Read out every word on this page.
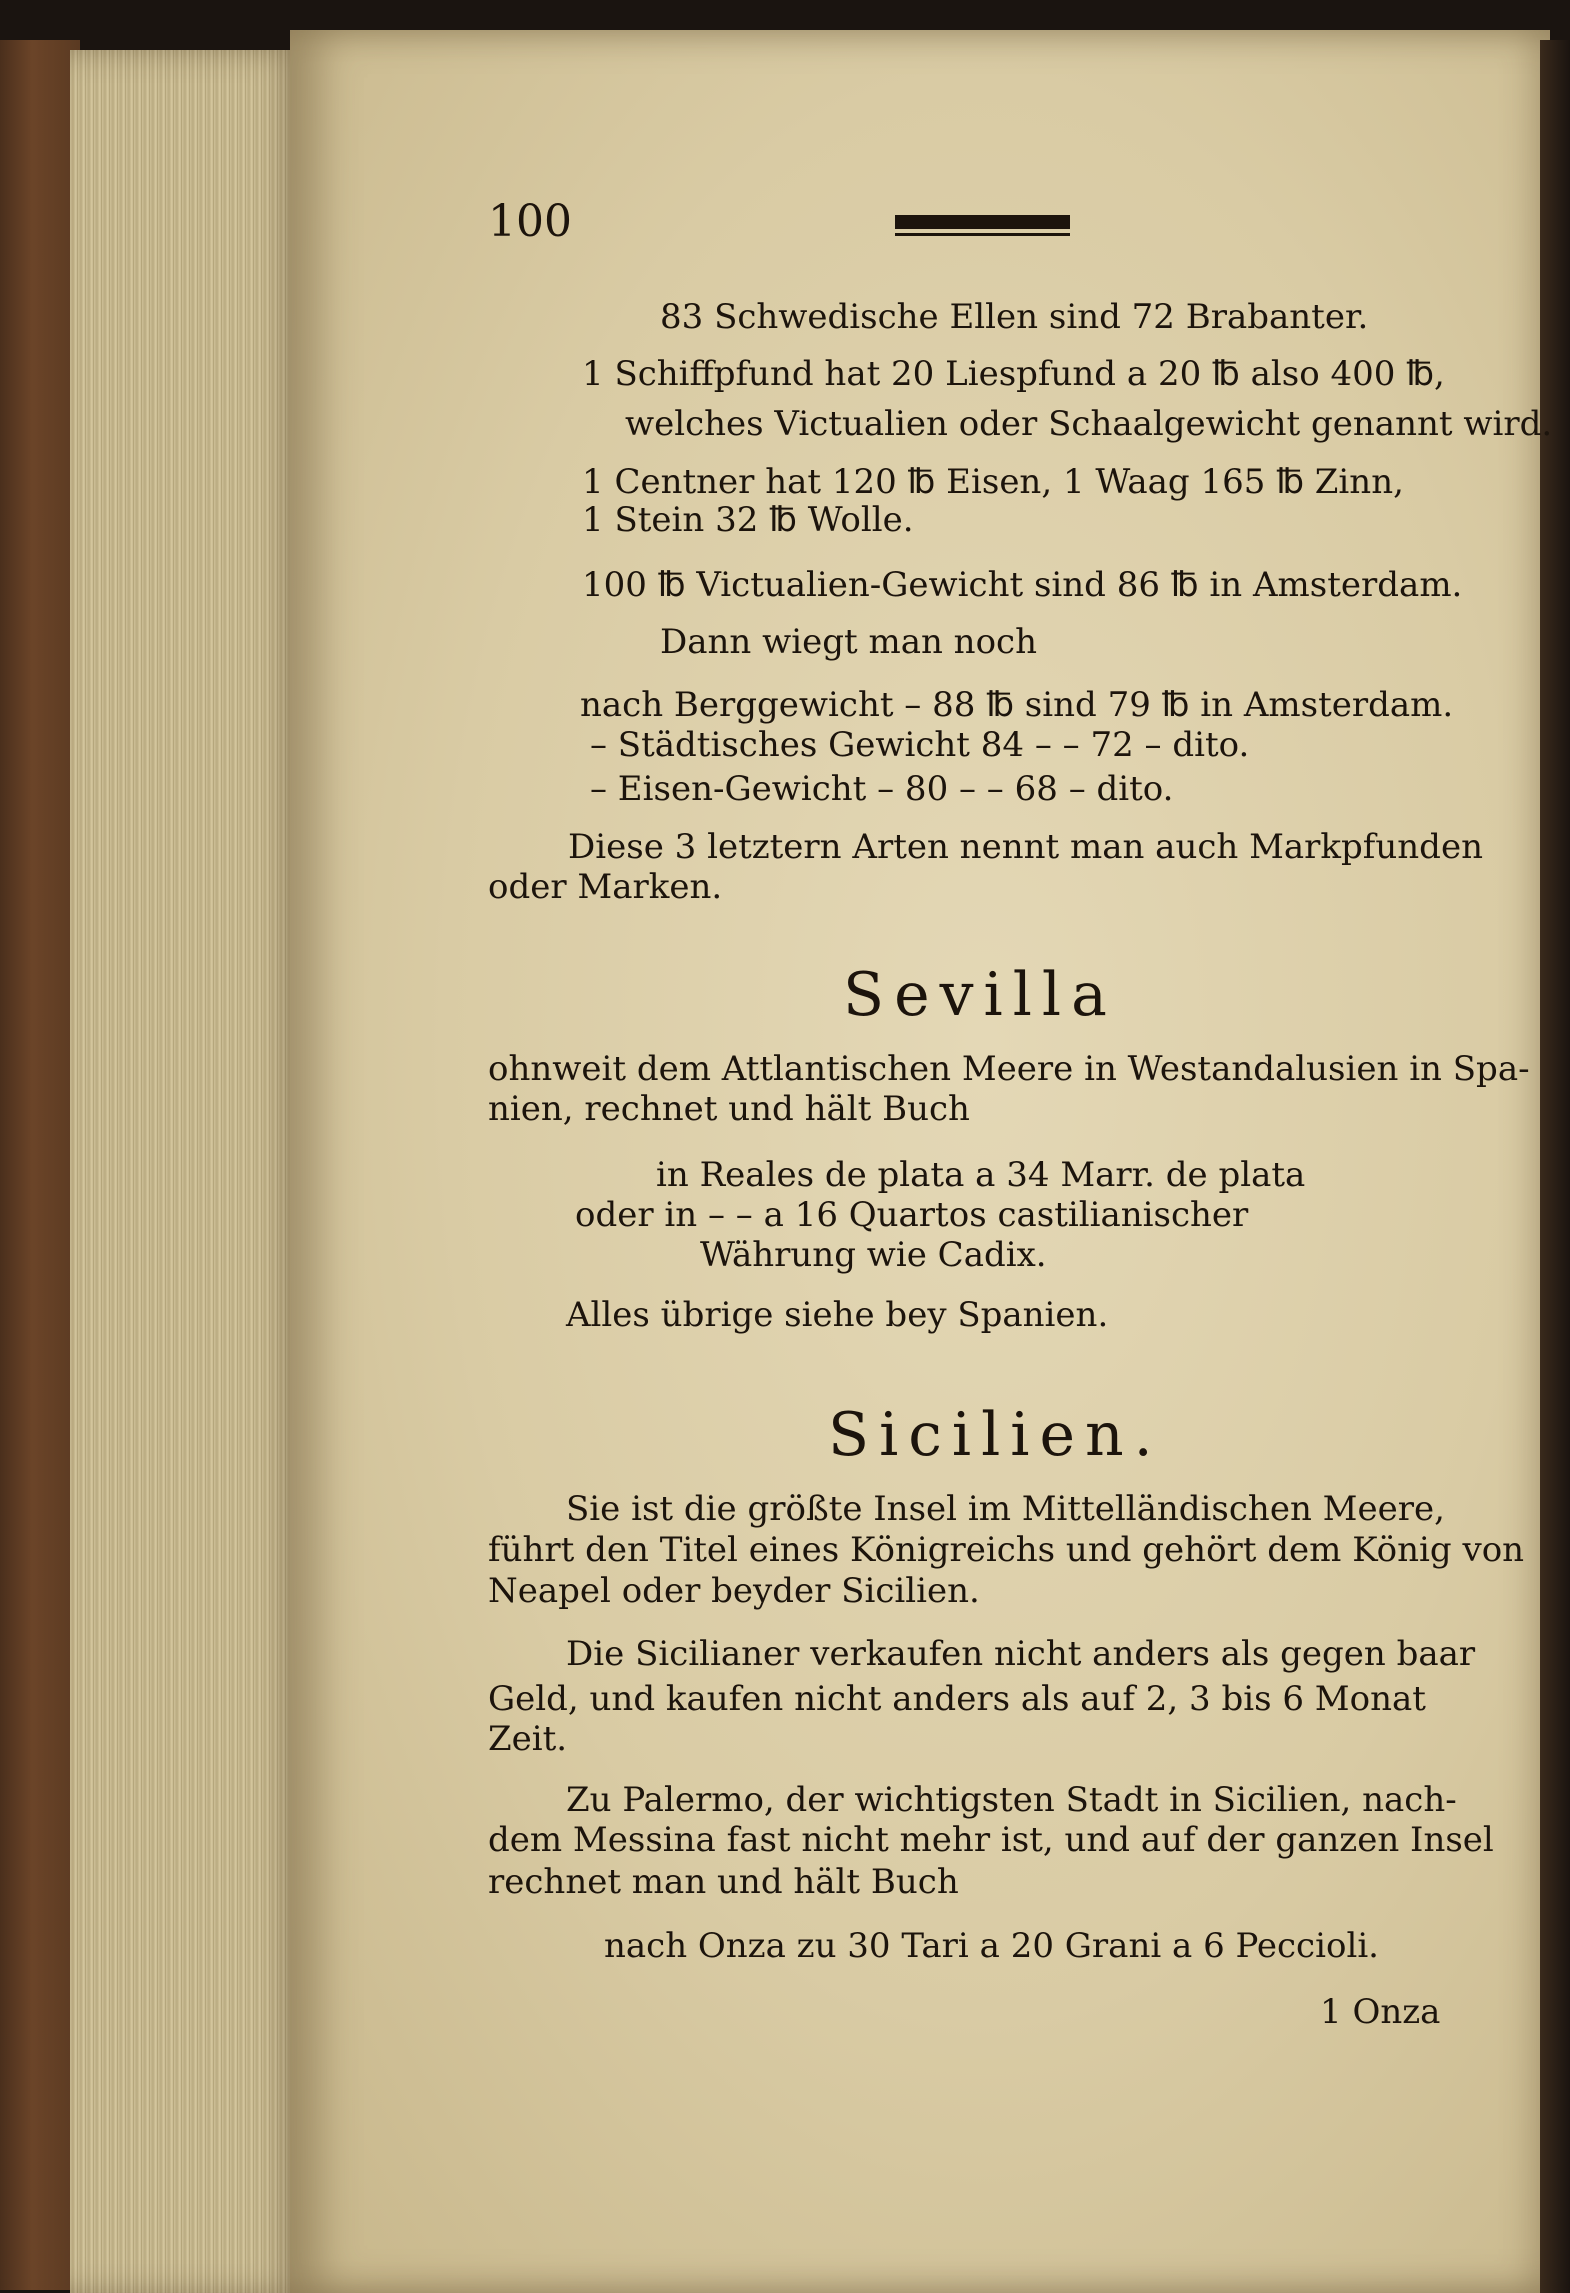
100
83 Schwedische Ellen sind 72 Brabanter.
1 Schiffpfund hat 20 Liespfund a 20 ℔ also 400 ℔,
welches Victualien oder Schaalgewicht genannt wird.
1 Centner hat 120 ℔ Eisen, 1 Waag 165 ℔ Zinn,
1 Stein 32 ℔ Wolle.
100 ℔ Victualien-Gewicht sind 86 ℔ in Amsterdam.
Dann wiegt man noch
nach Berggewicht – 88 ℔ sind 79 ℔ in Amsterdam.
– Städtisches Gewicht 84 – – 72 – dito.
– Eisen-Gewicht – 80 – – 68 – dito.
Diese 3 letztern Arten nennt man auch Markpfunden
oder Marken.
Sevilla
ohnweit dem Attlantischen Meere in Westandalusien in Spa-
nien, rechnet und hält Buch
in Reales de plata a 34 Marr. de plata
oder in – – a 16 Quartos castilianischer
Währung wie Cadix.
Alles übrige siehe bey Spanien.
Sicilien.
Sie ist die größte Insel im Mittelländischen Meere,
führt den Titel eines Königreichs und gehört dem König von
Neapel oder beyder Sicilien.
Die Sicilianer verkaufen nicht anders als gegen baar
Geld, und kaufen nicht anders als auf 2, 3 bis 6 Monat
Zeit.
Zu Palermo, der wichtigsten Stadt in Sicilien, nach-
dem Messina fast nicht mehr ist, und auf der ganzen Insel
rechnet man und hält Buch
nach Onza zu 30 Tari a 20 Grani a 6 Peccioli.
1 Onza
